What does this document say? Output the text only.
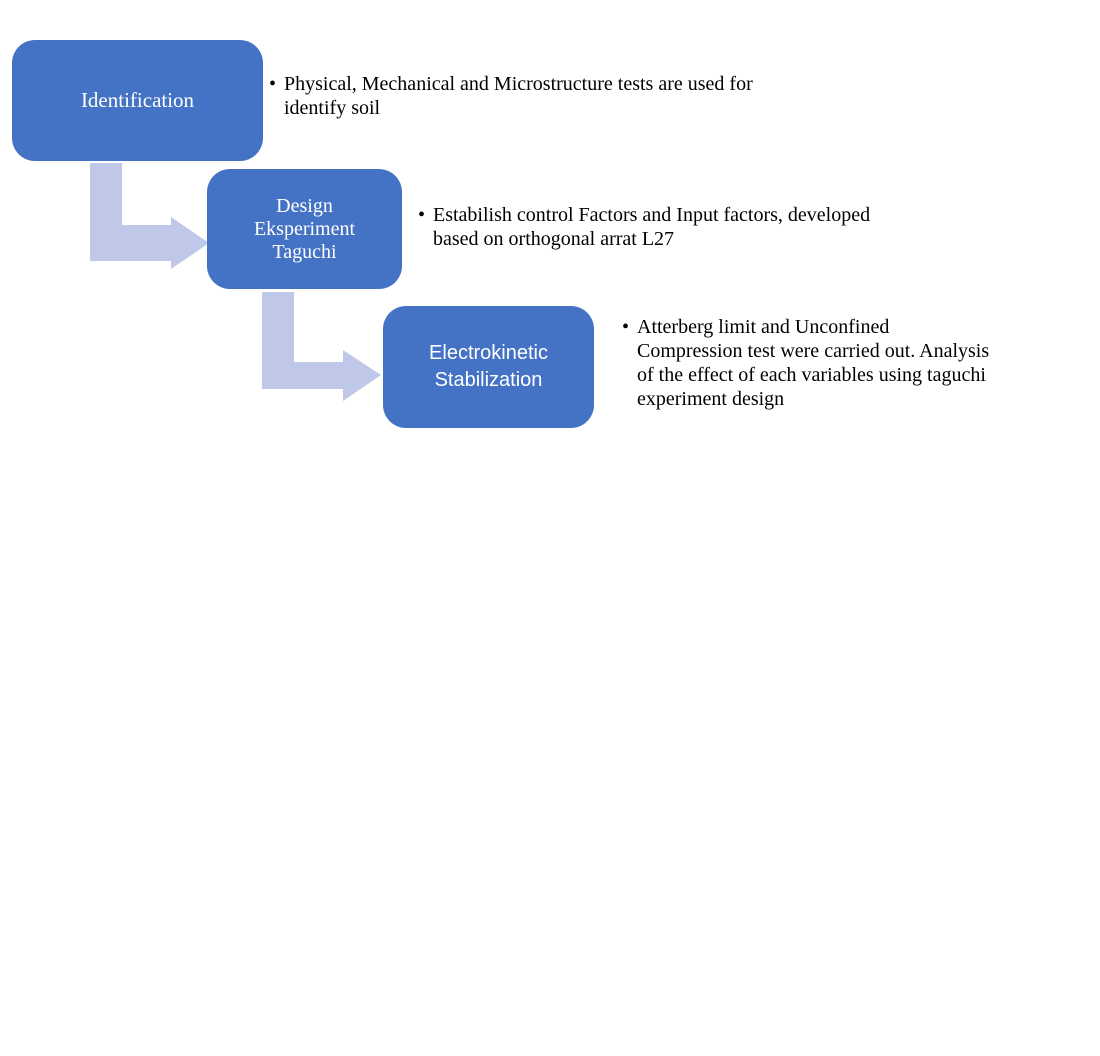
Identification
• Physical, Mechanical and Microstructure tests are used for
identify soil
Design
Eksperiment
Taguchi
• Estabilish control Factors and Input factors, developed
based on orthogonal arrat L27
Electrokinetic
Stabilization
• Atterberg limit and Unconfined
Compression test were carried out. Analysis
of the effect of each variables using taguchi
experiment design
